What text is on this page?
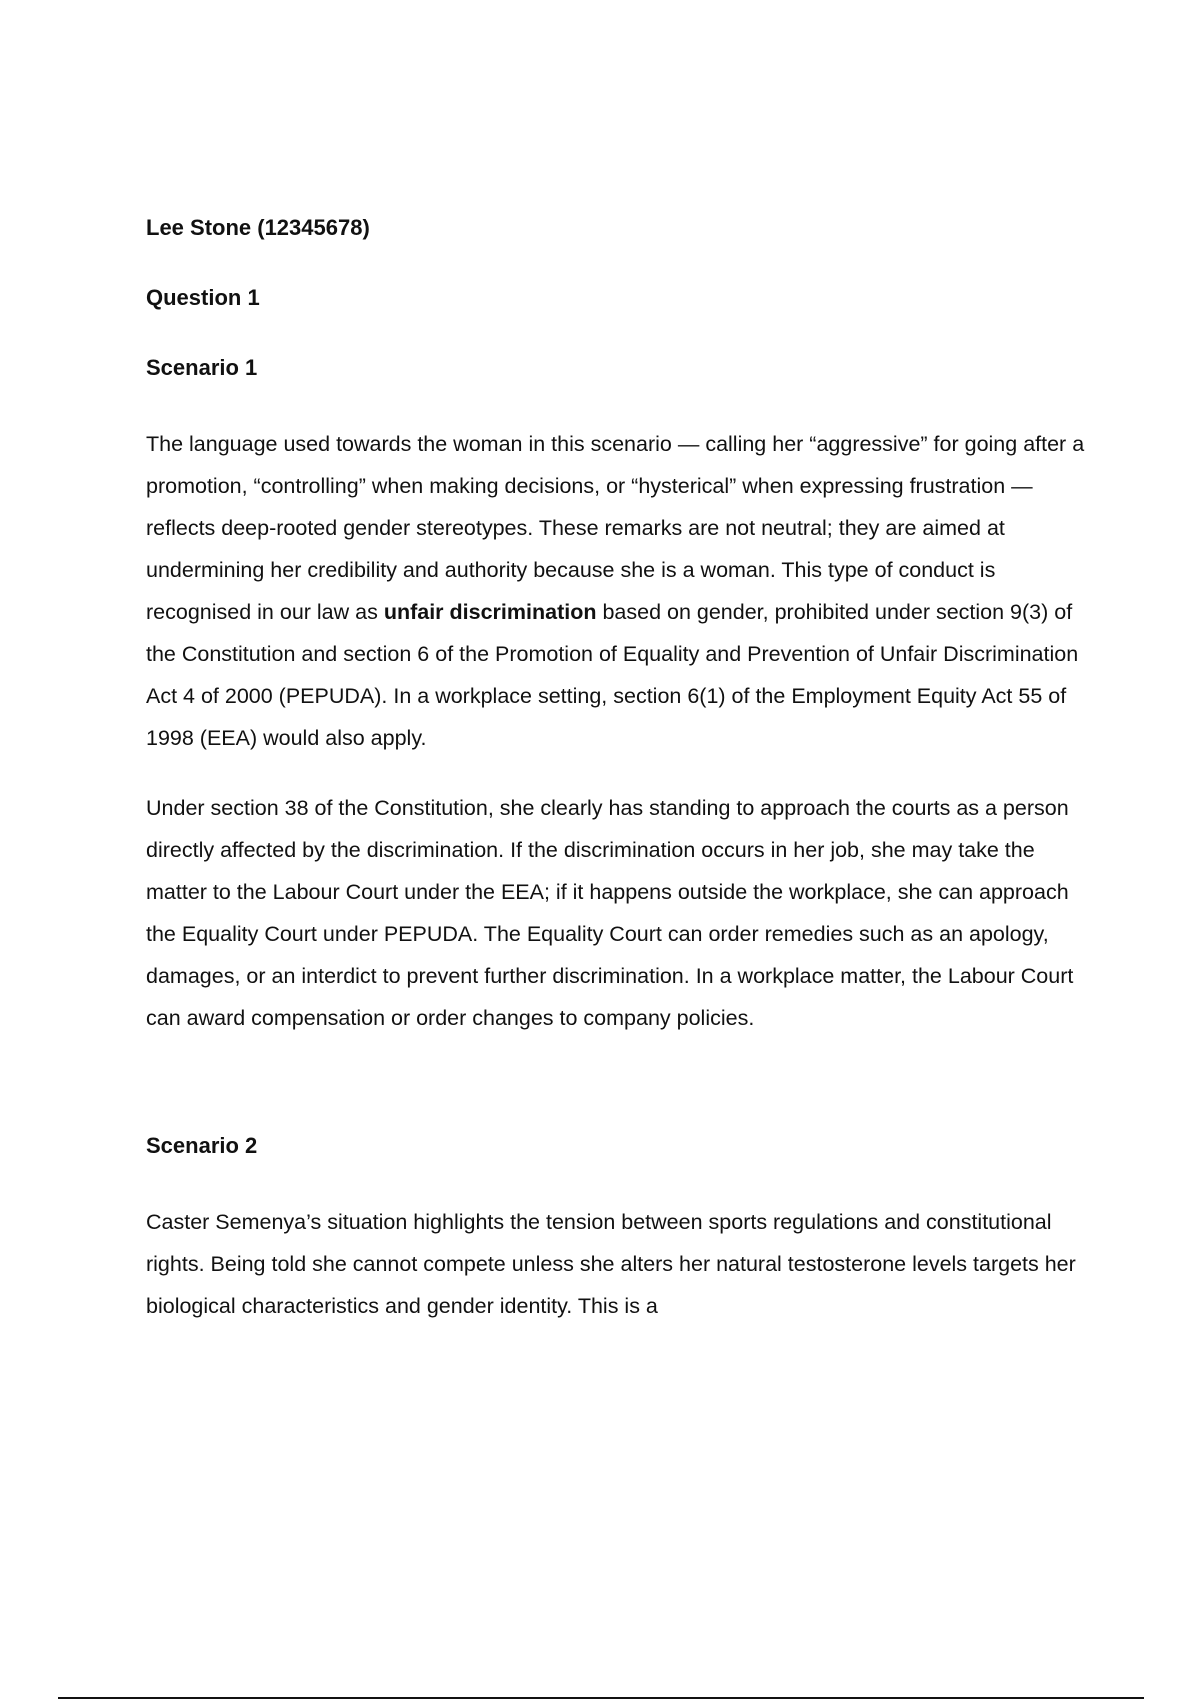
Lee Stone (12345678)

Question 1

Scenario 1

The language used towards the woman in this scenario — calling her “aggressive” for going after a promotion, “controlling” when making decisions, or “hysterical” when expressing frustration — reflects deep-rooted gender stereotypes. These remarks are not neutral; they are aimed at undermining her credibility and authority because she is a woman. This type of conduct is recognised in our law as unfair discrimination based on gender, prohibited under section 9(3) of the Constitution and section 6 of the Promotion of Equality and Prevention of Unfair Discrimination Act 4 of 2000 (PEPUDA). In a workplace setting, section 6(1) of the Employment Equity Act 55 of 1998 (EEA) would also apply.

Under section 38 of the Constitution, she clearly has standing to approach the courts as a person directly affected by the discrimination. If the discrimination occurs in her job, she may take the matter to the Labour Court under the EEA; if it happens outside the workplace, she can approach the Equality Court under PEPUDA. The Equality Court can order remedies such as an apology, damages, or an interdict to prevent further discrimination. In a workplace matter, the Labour Court can award compensation or order changes to company policies.

Scenario 2

Caster Semenya’s situation highlights the tension between sports regulations and constitutional rights. Being told she cannot compete unless she alters her natural testosterone levels targets her biological characteristics and gender identity. This is a
